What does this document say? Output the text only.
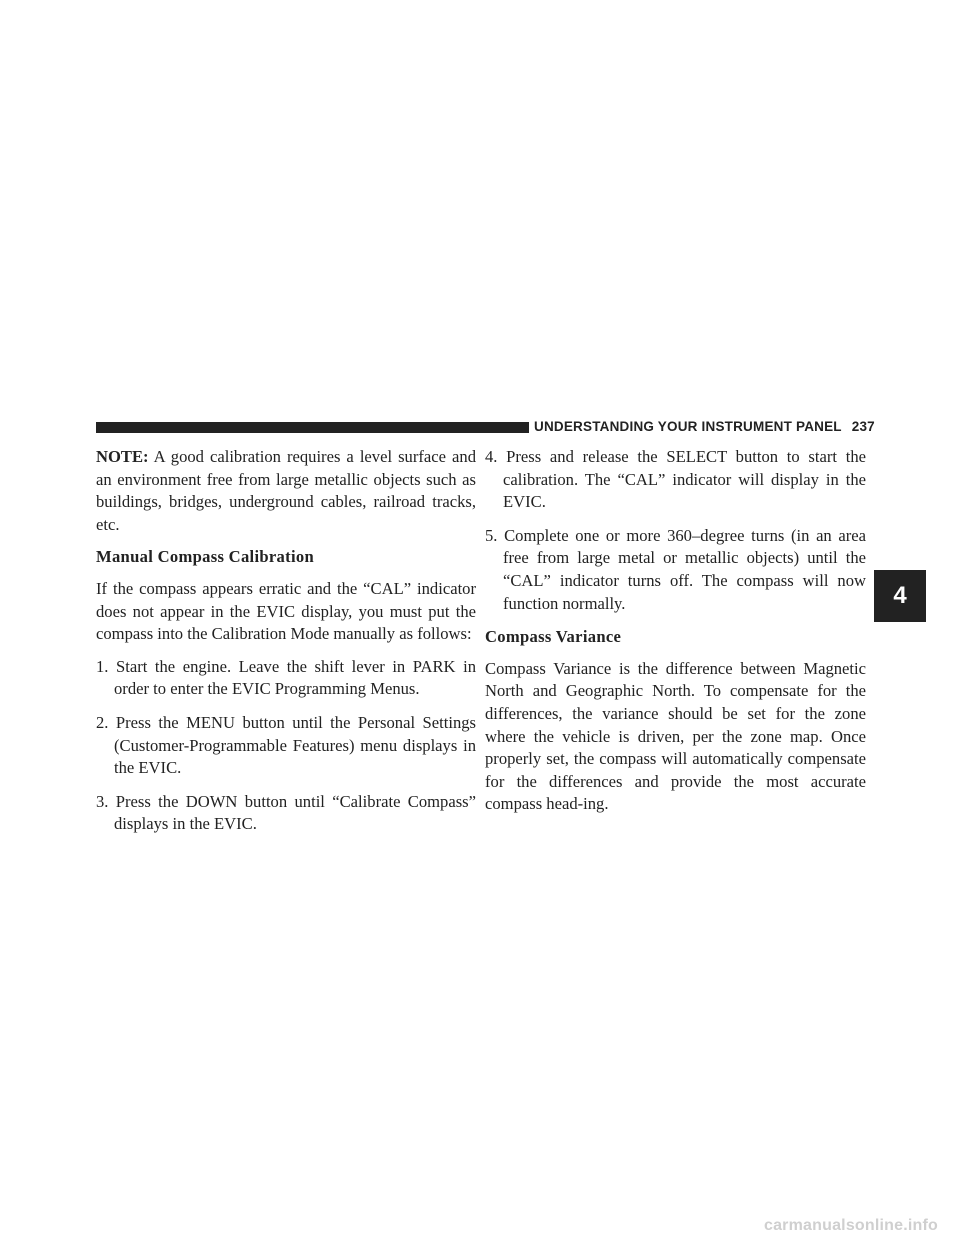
UNDERSTANDING YOUR INSTRUMENT PANEL 237

NOTE: A good calibration requires a level surface and an environment free from large metallic objects such as buildings, bridges, underground cables, railroad tracks, etc.

Manual Compass Calibration

If the compass appears erratic and the “CAL” indicator does not appear in the EVIC display, you must put the compass into the Calibration Mode manually as follows:

1. Start the engine. Leave the shift lever in PARK in order to enter the EVIC Programming Menus.
2. Press the MENU button until the Personal Settings (Customer-Programmable Features) menu displays in the EVIC.
3. Press the DOWN button until “Calibrate Compass” displays in the EVIC.
4. Press and release the SELECT button to start the calibration. The “CAL” indicator will display in the EVIC.
5. Complete one or more 360–degree turns (in an area free from large metal or metallic objects) until the “CAL” indicator turns off. The compass will now function normally.
Compass Variance

Compass Variance is the difference between Magnetic North and Geographic North. To compensate for the differences, the variance should be set for the zone where the vehicle is driven, per the zone map. Once properly set, the compass will automatically compensate for the differences and provide the most accurate compass head-ing.

4
carmanualsonline.info
